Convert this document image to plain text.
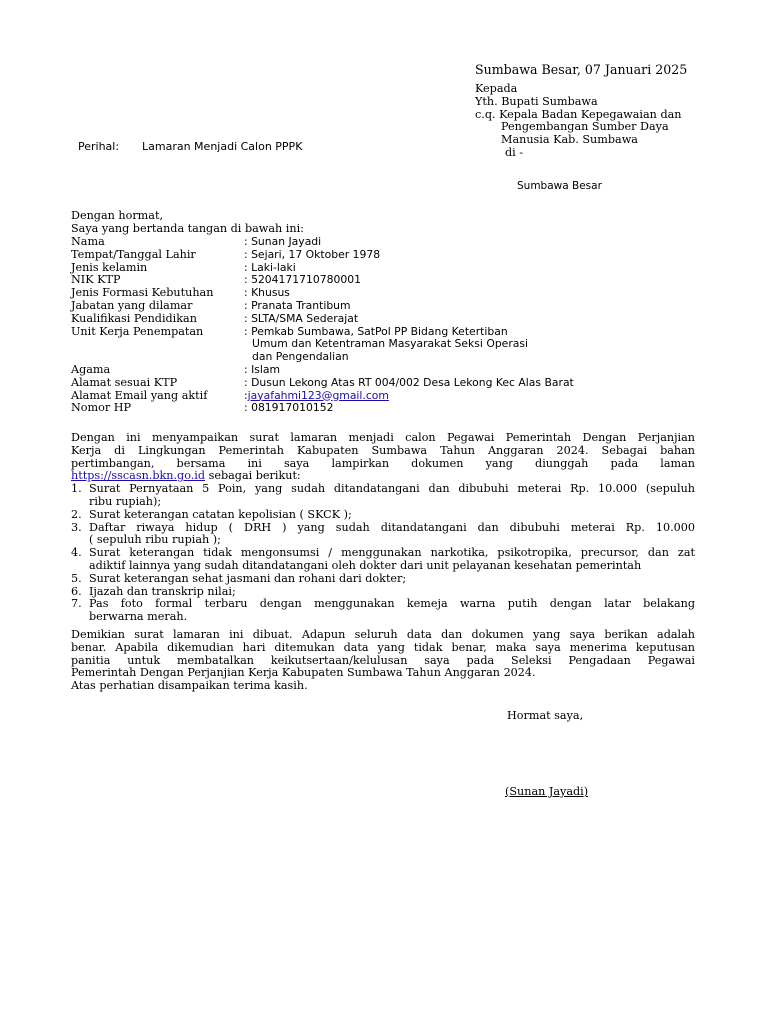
Sumbawa Besar, 07 Januari 2025
Kepada
Yth. Bupati Sumbawa
c.q. Kepala Badan Kepegawaian dan
Pengembangan Sumber Daya
Manusia Kab. Sumbawa
di -
Sumbawa Besar
Perihal: Lamaran Menjadi Calon PPPK
Dengan hormat,
Saya yang bertanda tangan di bawah ini:
Nama	: Sunan Jayadi
Tempat/Tanggal Lahir	: Sejari, 17 Oktober 1978
Jenis kelamin	: Laki-laki
NIK KTP	: 5204171710780001
Jenis Formasi Kebutuhan	: Khusus
Jabatan yang dilamar	: Pranata Trantibum
Kualifikasi Pendidikan	: SLTA/SMA Sederajat
Unit Kerja Penempatan	: Pemkab Sumbawa, SatPol PP Bidang Ketertiban
Umum dan Ketentraman Masyarakat Seksi Operasi
dan Pengendalian
Agama	: Islam
Alamat sesuai KTP	: Dusun Lekong Atas RT 004/002 Desa Lekong Kec Alas Barat
Alamat Email yang aktif	:jayafahmi123@gmail.com
Nomor HP	: 081917010152
Dengan ini menyampaikan surat lamaran menjadi calon Pegawai Pemerintah Dengan Perjanjian
Kerja di Lingkungan Pemerintah Kabupaten Sumbawa Tahun Anggaran 2024. Sebagai bahan
pertimbangan, bersama ini saya lampirkan dokumen yang diunggah pada laman
https://sscasn.bkn.go.id sebagai berikut:
1. Surat Pernyataan 5 Poin, yang sudah ditandatangani dan dibubuhi meterai Rp. 10.000 (sepuluh
ribu rupiah);
2. Surat keterangan catatan kepolisian ( SKCK );
3. Daftar riwaya hidup ( DRH ) yang sudah ditandatangani dan dibubuhi meterai Rp. 10.000
( sepuluh ribu rupiah );
4. Surat keterangan tidak mengonsumsi / menggunakan narkotika, psikotropika, precursor, dan zat
adiktif lainnya yang sudah ditandatangani oleh dokter dari unit pelayanan kesehatan pemerintah
5. Surat keterangan sehat jasmani dan rohani dari dokter;
6. Ijazah dan transkrip nilai;
7. Pas foto formal terbaru dengan menggunakan kemeja warna putih dengan latar belakang
berwarna merah.
Demikian surat lamaran ini dibuat. Adapun seluruh data dan dokumen yang saya berikan adalah
benar. Apabila dikemudian hari ditemukan data yang tidak benar, maka saya menerima keputusan
panitia untuk membatalkan keikutsertaan/kelulusan saya pada Seleksi Pengadaan Pegawai
Pemerintah Dengan Perjanjian Kerja Kabupaten Sumbawa Tahun Anggaran 2024.
Atas perhatian disampaikan terima kasih.
Hormat saya,
(Sunan Jayadi)
